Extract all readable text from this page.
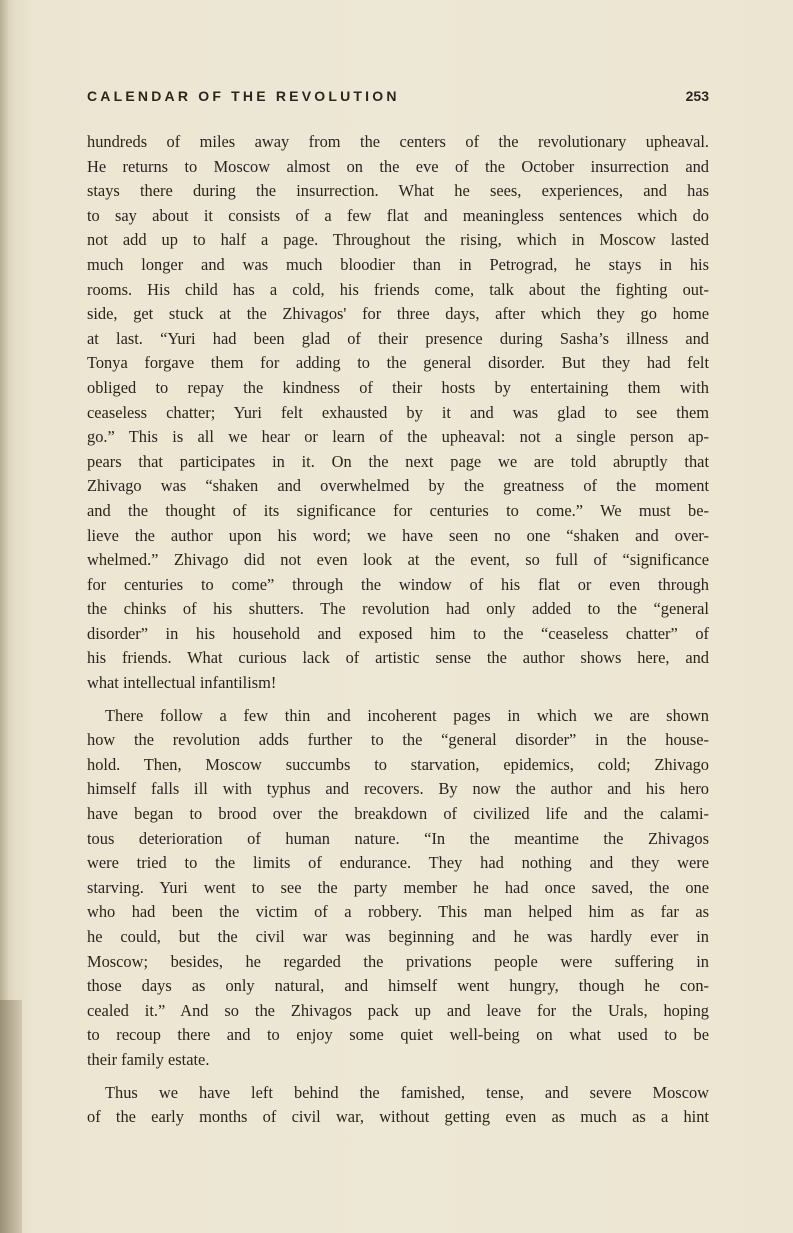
CALENDAR OF THE REVOLUTION	253
hundreds of miles away from the centers of the revolutionary upheaval.
He returns to Moscow almost on the eve of the October insurrection and
stays there during the insurrection. What he sees, experiences, and has
to say about it consists of a few flat and meaningless sentences which do
not add up to half a page. Throughout the rising, which in Moscow lasted
much longer and was much bloodier than in Petrograd, he stays in his
rooms. His child has a cold, his friends come, talk about the fighting out-
side, get stuck at the Zhivagos' for three days, after which they go home
at last. “Yuri had been glad of their presence during Sasha’s illness and
Tonya forgave them for adding to the general disorder. But they had felt
obliged to repay the kindness of their hosts by entertaining them with
ceaseless chatter; Yuri felt exhausted by it and was glad to see them
go.” This is all we hear or learn of the upheaval: not a single person ap-
pears that participates in it. On the next page we are told abruptly that
Zhivago was “shaken and overwhelmed by the greatness of the moment
and the thought of its significance for centuries to come.” We must be-
lieve the author upon his word; we have seen no one “shaken and over-
whelmed.” Zhivago did not even look at the event, so full of “significance
for centuries to come” through the window of his flat or even through
the chinks of his shutters. The revolution had only added to the “general
disorder” in his household and exposed him to the “ceaseless chatter” of
his friends. What curious lack of artistic sense the author shows here, and
what intellectual infantilism!
There follow a few thin and incoherent pages in which we are shown
how the revolution adds further to the “general disorder” in the house-
hold. Then, Moscow succumbs to starvation, epidemics, cold; Zhivago
himself falls ill with typhus and recovers. By now the author and his hero
have began to brood over the breakdown of civilized life and the calami-
tous deterioration of human nature. “In the meantime the Zhivagos
were tried to the limits of endurance. They had nothing and they were
starving. Yuri went to see the party member he had once saved, the one
who had been the victim of a robbery. This man helped him as far as
he could, but the civil war was beginning and he was hardly ever in
Moscow; besides, he regarded the privations people were suffering in
those days as only natural, and himself went hungry, though he con-
cealed it.” And so the Zhivagos pack up and leave for the Urals, hoping
to recoup there and to enjoy some quiet well-being on what used to be
their family estate.
Thus we have left behind the famished, tense, and severe Moscow
of the early months of civil war, without getting even as much as a hint
